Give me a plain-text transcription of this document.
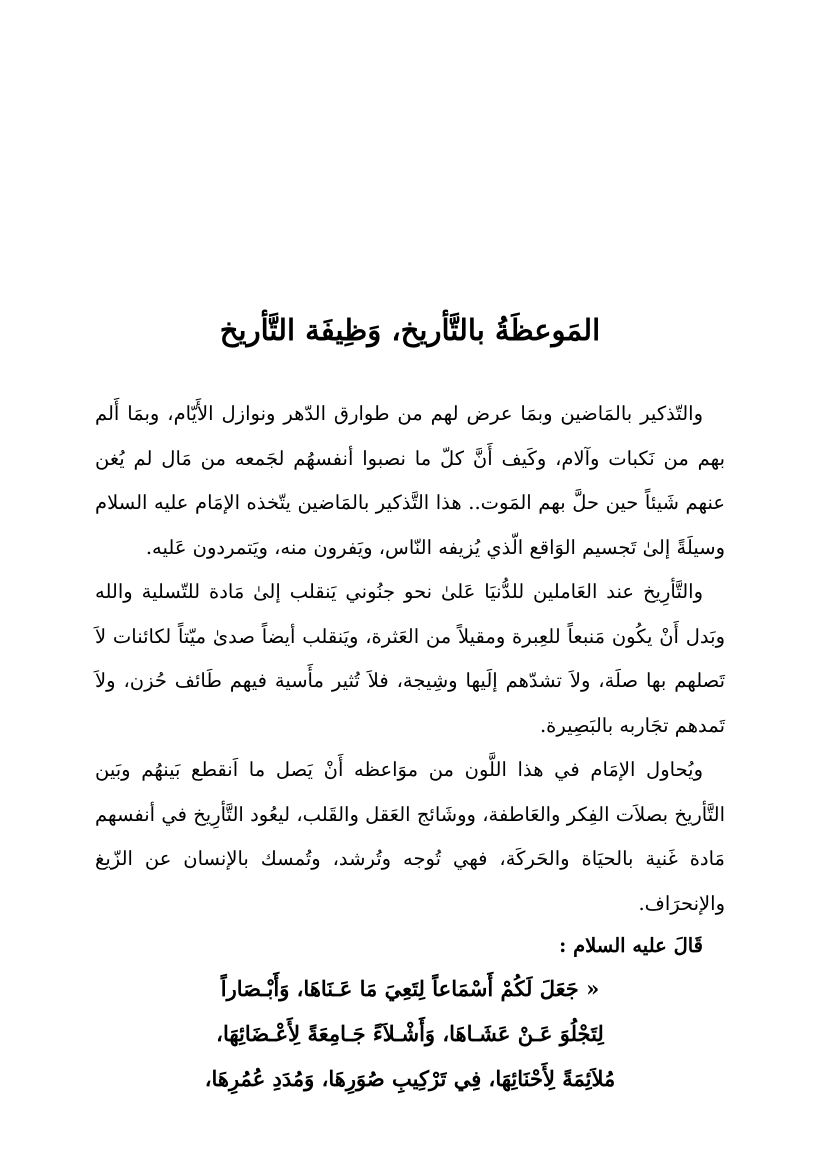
المَوعظَةُ بالتَّأريخ، وَظِيفَة التَّأريخ

والتّذكير بالمَاضين وبمَا عرض لهم من طوارق الدّهر ونوازل الأَيّام، وبمَا أَلم بهم من نَكبات وآلام، وكَيف أَنَّ كلّ ما نصبوا أنفسهُم لجَمعه من مَال لم يُغن عنهم شَيئاً حين حلَّ بهم المَوت.. هذا التَّذكير بالمَاضين يتّخذه الإمَام عليه السلام وسيلَةً إلىٰ تَجسيم الوَاقع الّذي يُزيفه النّاس، ويَفرون منه، ويَتمردون عَليه.

والتَّأرِيخ عند العَاملين للدُّنيَا عَلىٰ نحو جنُوني يَنقلب إلىٰ مَادة للتّسلية والله وبَدل أَنْ يكُون مَنبعاً للعِبرة ومقيلاً من العَثرة، ويَنقلب أيضاً صدىٰ ميّتاً لكائنات لاَ تَصلهم بها صلَة، ولاَ تشدّهم إلَيها وشِيجة، فلاَ تُثير مأَسية فيهم طَائف حُزن، ولاَ تَمدهم تجَاربه بالبَصِيرة.

ويُحاول الإمَام في هذا اللَّون من موَاعظه أَنْ يَصل ما اَنقطع بَينهُم وبَين التَّأريخ بصلاَت الفِكر والعَاطفة، ووشَائج العَقل والقَلب، ليعُود التَّأرِيخ في أنفسهم مَادة غَنية بالحيَاة والحَركَة، فهي تُوجه وتُرشد، وتُمسك بالإنسان عن الزّيغ والإنحرَاف.

قَالَ عليه السلام :

« جَعَلَ لَكُمْ أَسْمَاعاً لِتَعِيَ مَا عَـنَاهَا، وَأَبْـصَاراً
لِتَجْلُوَ عَـنْ عَشَـاهَا، وَأَشْـلاَءً جَـامِعَةً لِأَعْـضَائِهَا،
مُلاَئِمَةً لِأَحْنَائِهَا، فِي تَرْكِيبِ صُوَرِهَا، وَمُدَدِ عُمُرِهَا،
